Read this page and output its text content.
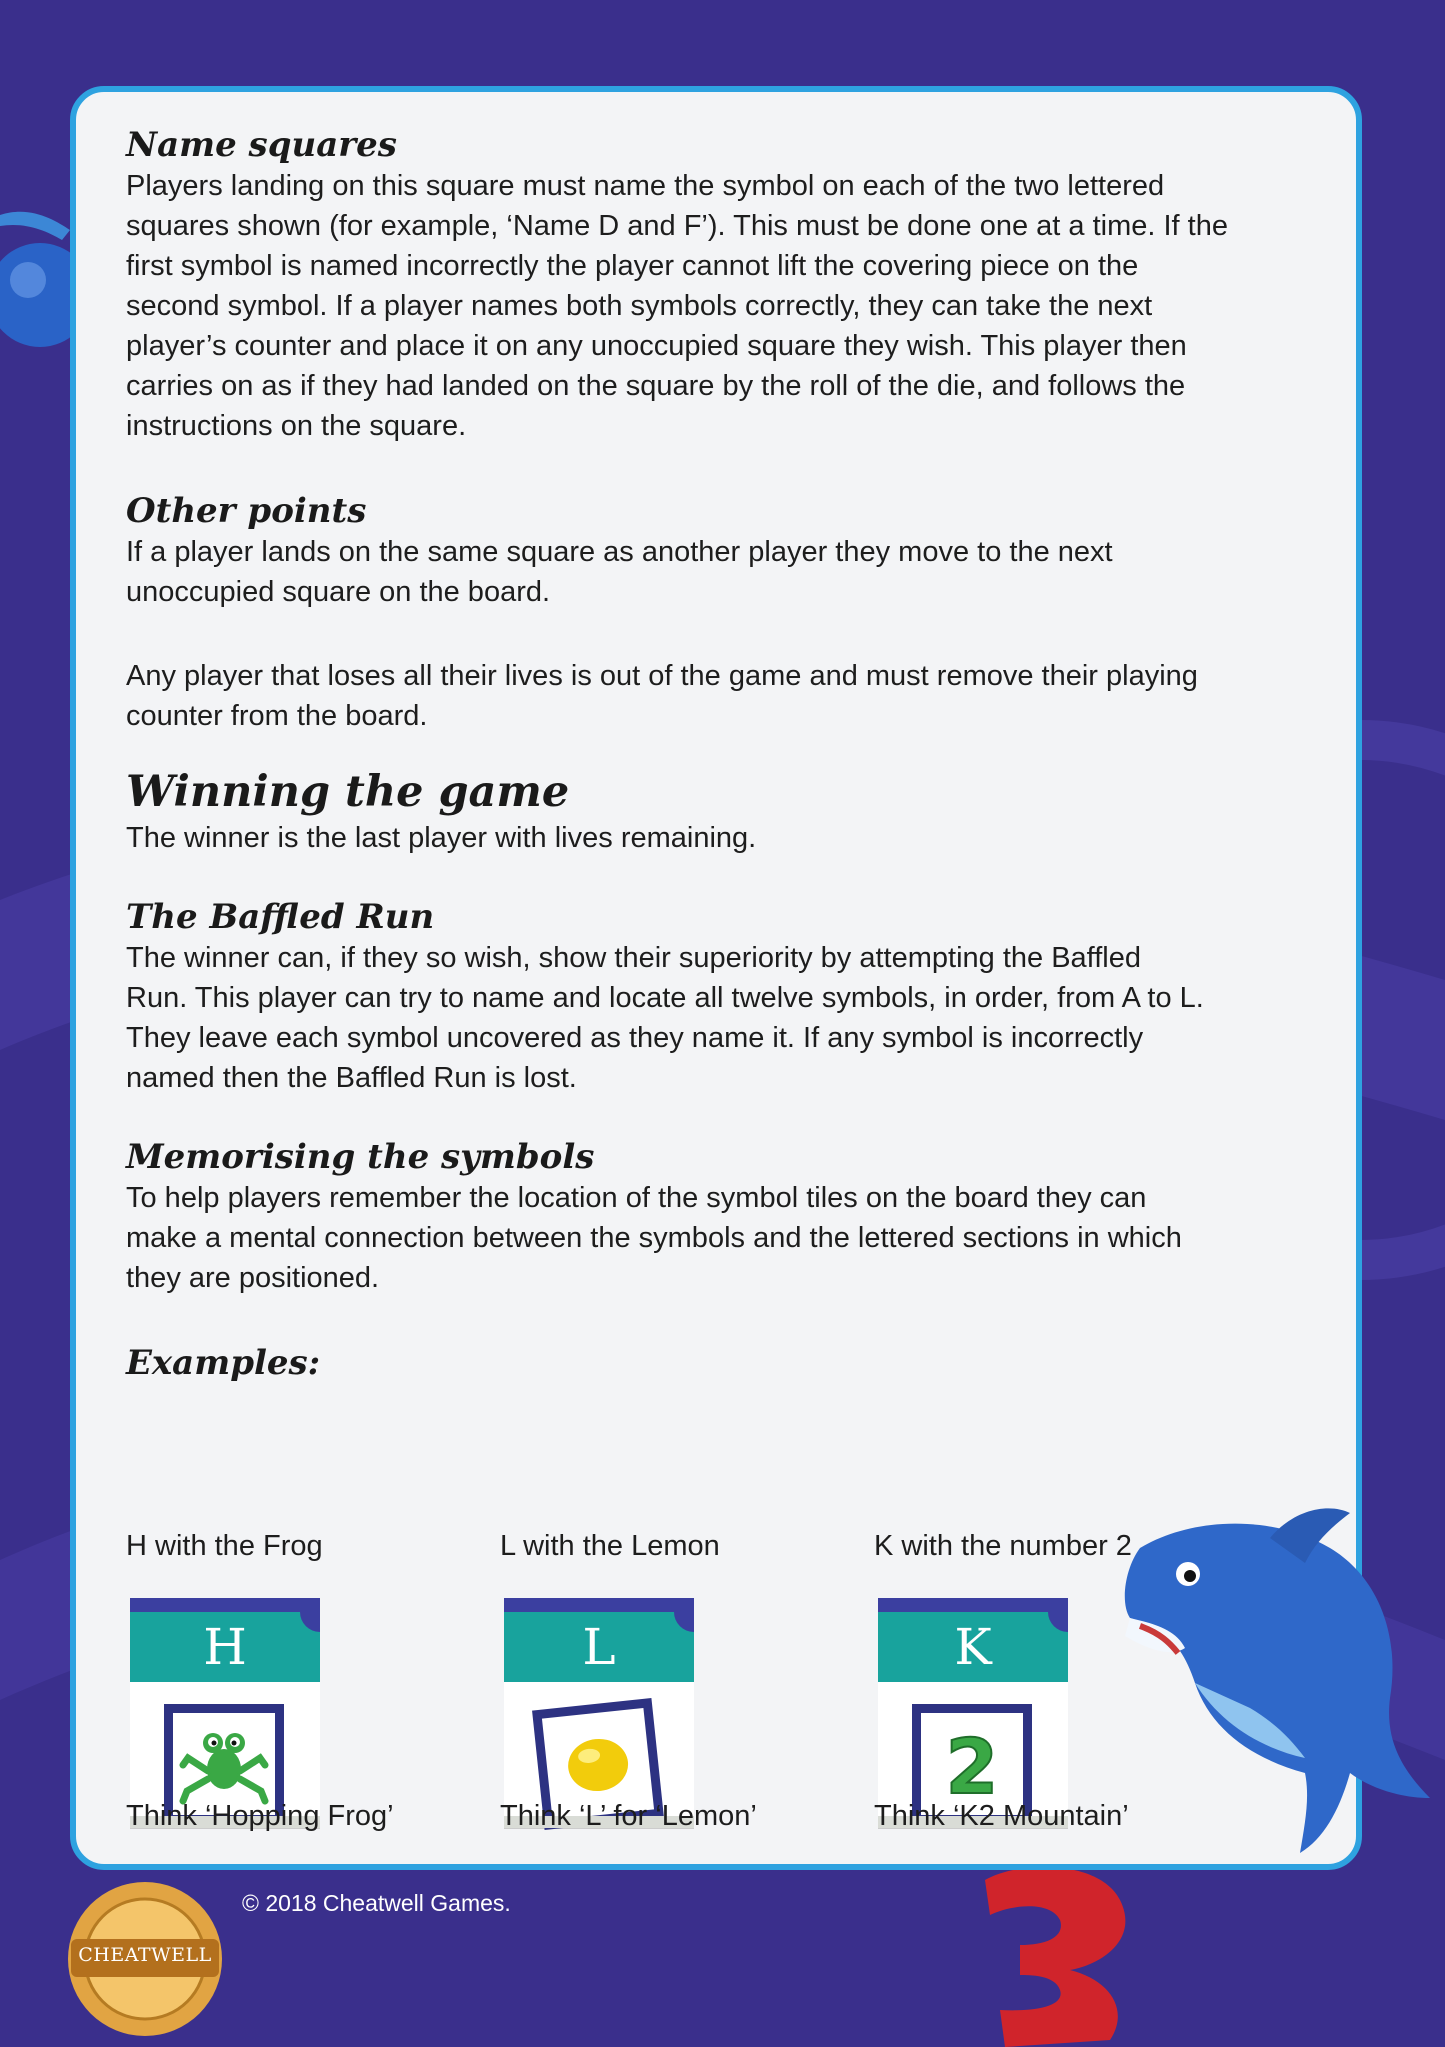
Name squares

Players landing on this square must name the symbol on each of the two lettered
squares shown (for example, ‘Name D and F’). This must be done one at a time. If the
first symbol is named incorrectly the player cannot lift the covering piece on the
second symbol. If a player names both symbols correctly, they can take the next
player’s counter and place it on any unoccupied square they wish. This player then
carries on as if they had landed on the square by the roll of the die, and follows the
instructions on the square.

Other points

If a player lands on the same square as another player they move to the next
unoccupied square on the board.

Any player that loses all their lives is out of the game and must remove their playing
counter from the board.

Winning the game

The winner is the last player with lives remaining.

The Baffled Run

The winner can, if they so wish, show their superiority by attempting the Baffled
Run. This player can try to name and locate all twelve symbols, in order, from A to L.
They leave each symbol uncovered as they name it. If any symbol is incorrectly
named then the Baffled Run is lost.

Memorising the symbols

To help players remember the location of the symbol tiles on the board they can
make a mental connection between the symbols and the lettered sections in which
they are positioned.

Examples:
H with the Frog
H
Think ‘Hopping Frog’
L with the Lemon
L
Think ‘L’ for ‘Lemon’
K with the number 2
K
2
Think ‘K2 Mountain’
CHEATWELL
© 2018 Cheatwell Games.
